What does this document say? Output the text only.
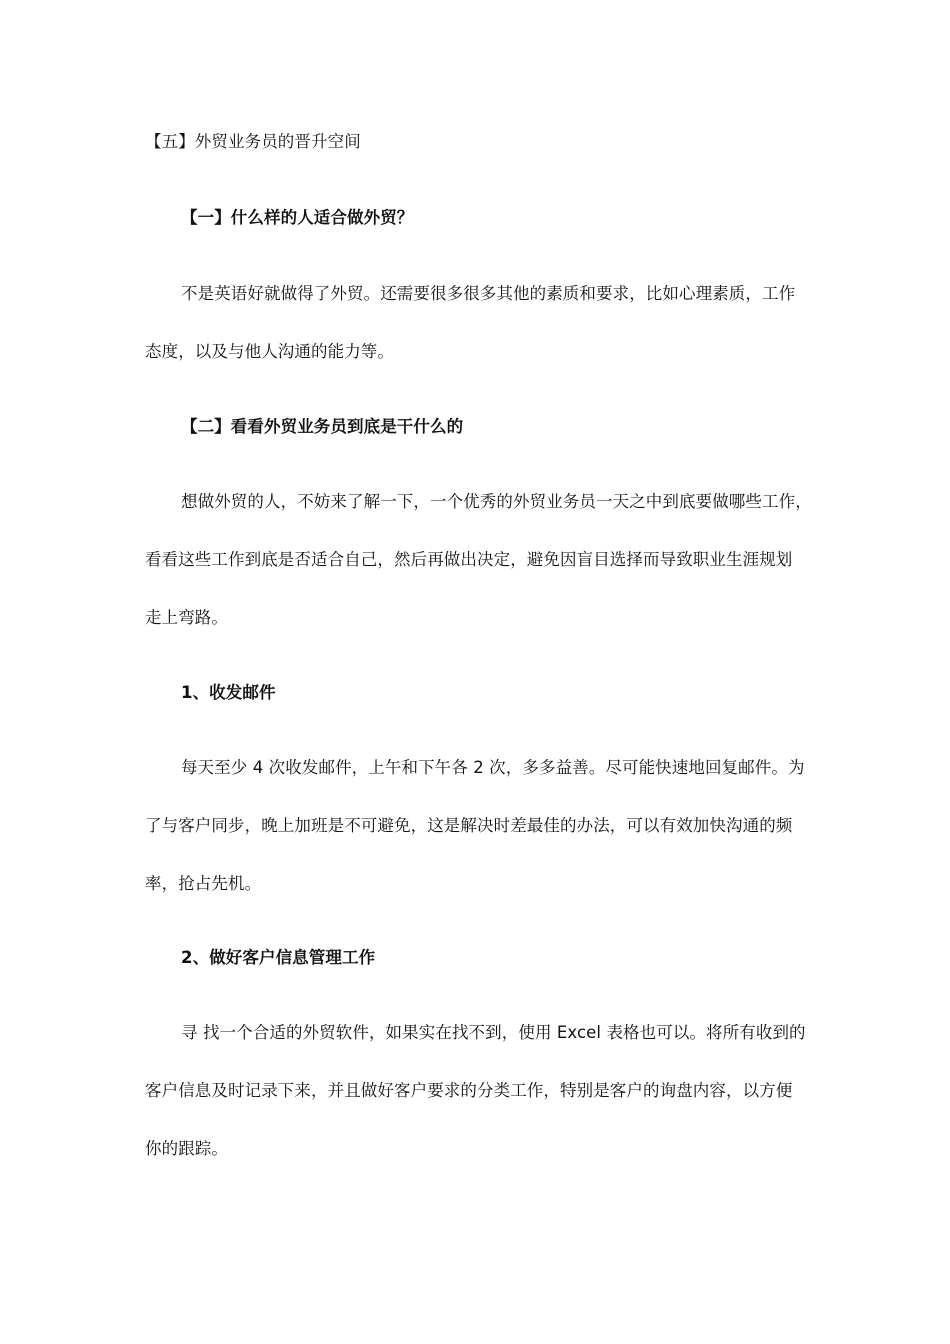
【五】外贸业务员的晋升空间
【一】什么样的人适合做外贸？
不是英语好就做得了外贸。还需要很多很多其他的素质和要求，比如心理素质，工作
态度，以及与他人沟通的能力等。
【二】看看外贸业务员到底是干什么的
想做外贸的人，不妨来了解一下，一个优秀的外贸业务员一天之中到底要做哪些工作，
看看这些工作到底是否适合自己，然后再做出决定，避免因盲目选择而导致职业生涯规划
走上弯路。
1、收发邮件
每天至少 4 次收发邮件，上午和下午各 2 次，多多益善。尽可能快速地回复邮件。为
了与客户同步，晚上加班是不可避免，这是解决时差最佳的办法，可以有效加快沟通的频
率，抢占先机。
2、做好客户信息管理工作
寻 找一个合适的外贸软件，如果实在找不到，使用 Excel 表格也可以。将所有收到的
客户信息及时记录下来，并且做好客户要求的分类工作，特别是客户的询盘内容，以方便
你的跟踪。
